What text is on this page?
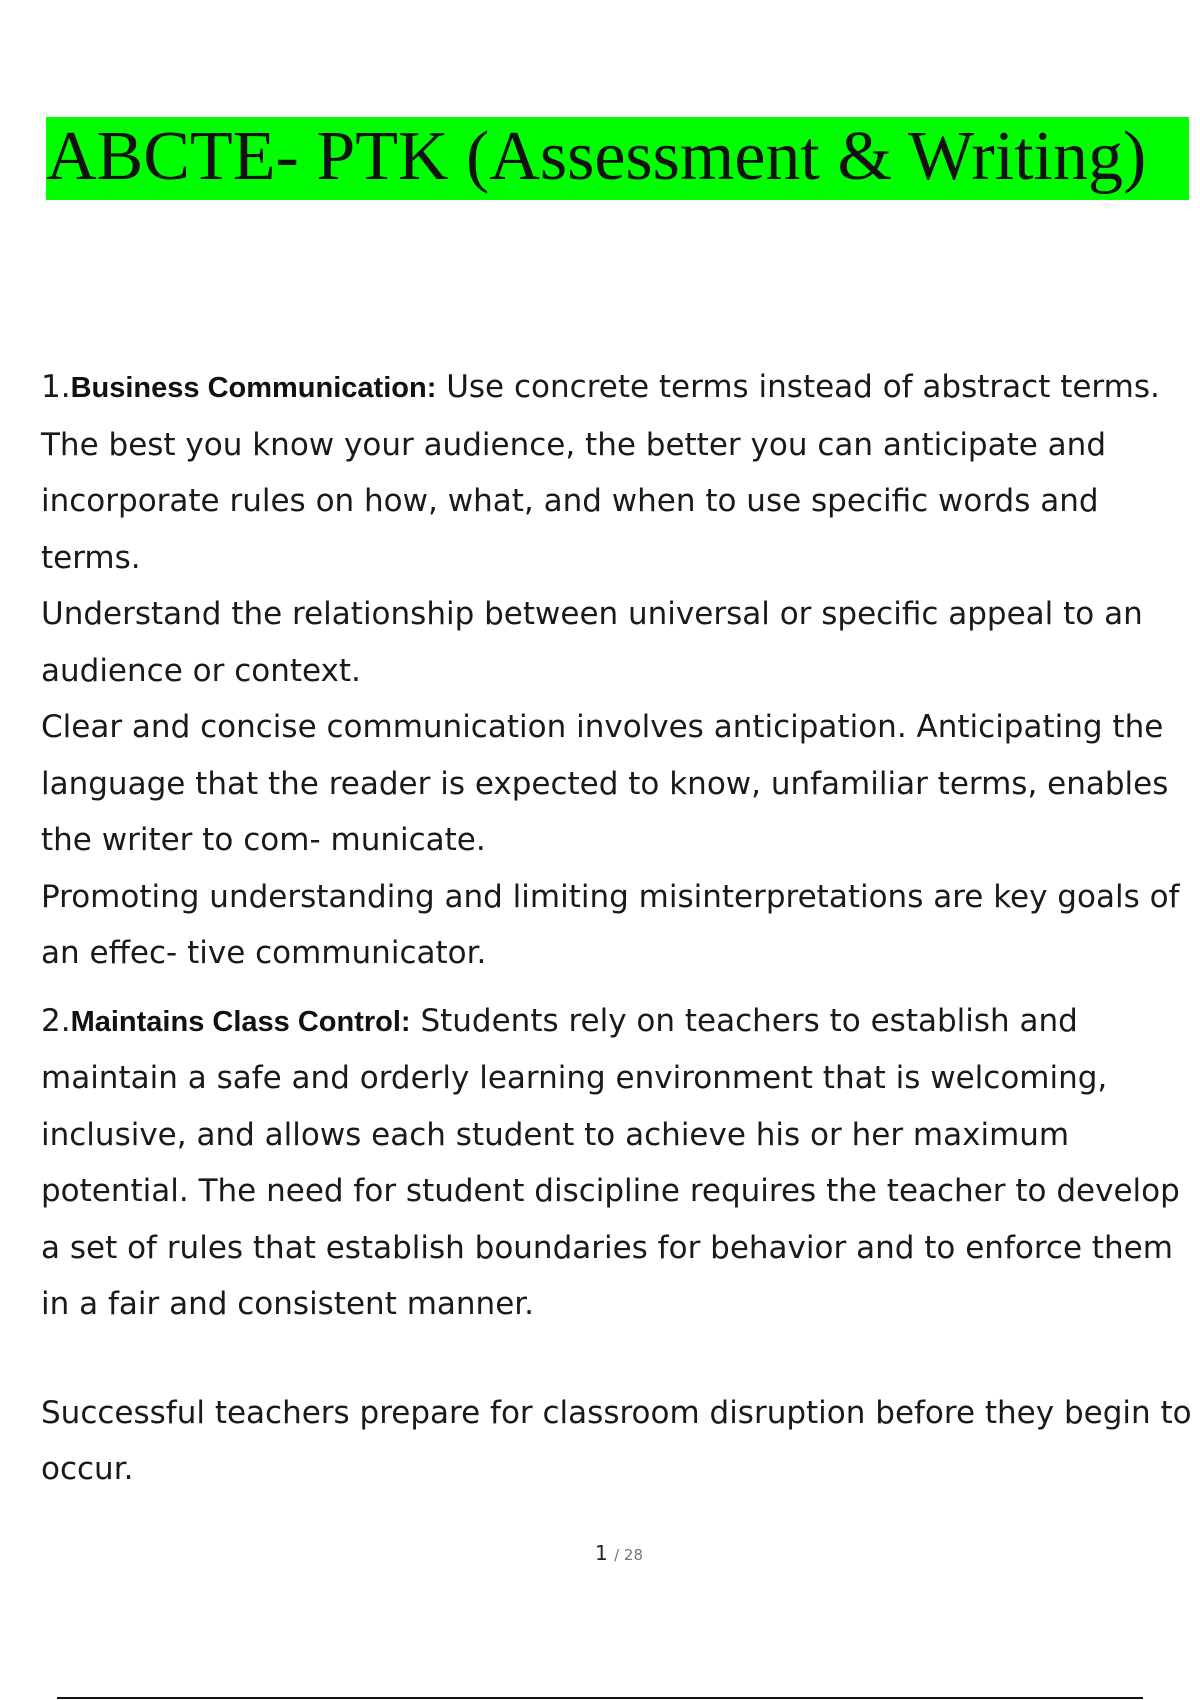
ABCTE- PTK (Assessment & Writing)

1.Business Communication: Use concrete terms instead of abstract terms. The best you know your audience, the better you can anticipate and incorporate rules on how, what, and when to use specific words and terms.

Understand the relationship between universal or specific appeal to an audience or context.

Clear and concise communication involves anticipation. Anticipating the language that the reader is expected to know, unfamiliar terms, enables the writer to com- municate.

Promoting understanding and limiting misinterpretations are key goals of an effec- tive communicator.

2.Maintains Class Control: Students rely on teachers to establish and maintain a safe and orderly learning environment that is welcoming, inclusive, and allows each student to achieve his or her maximum potential. The need for student discipline requires the teacher to develop a set of rules that establish boundaries for behavior and to enforce them in a fair and consistent manner.

Successful teachers prepare for classroom disruption before they begin to occur.

1 / 28
